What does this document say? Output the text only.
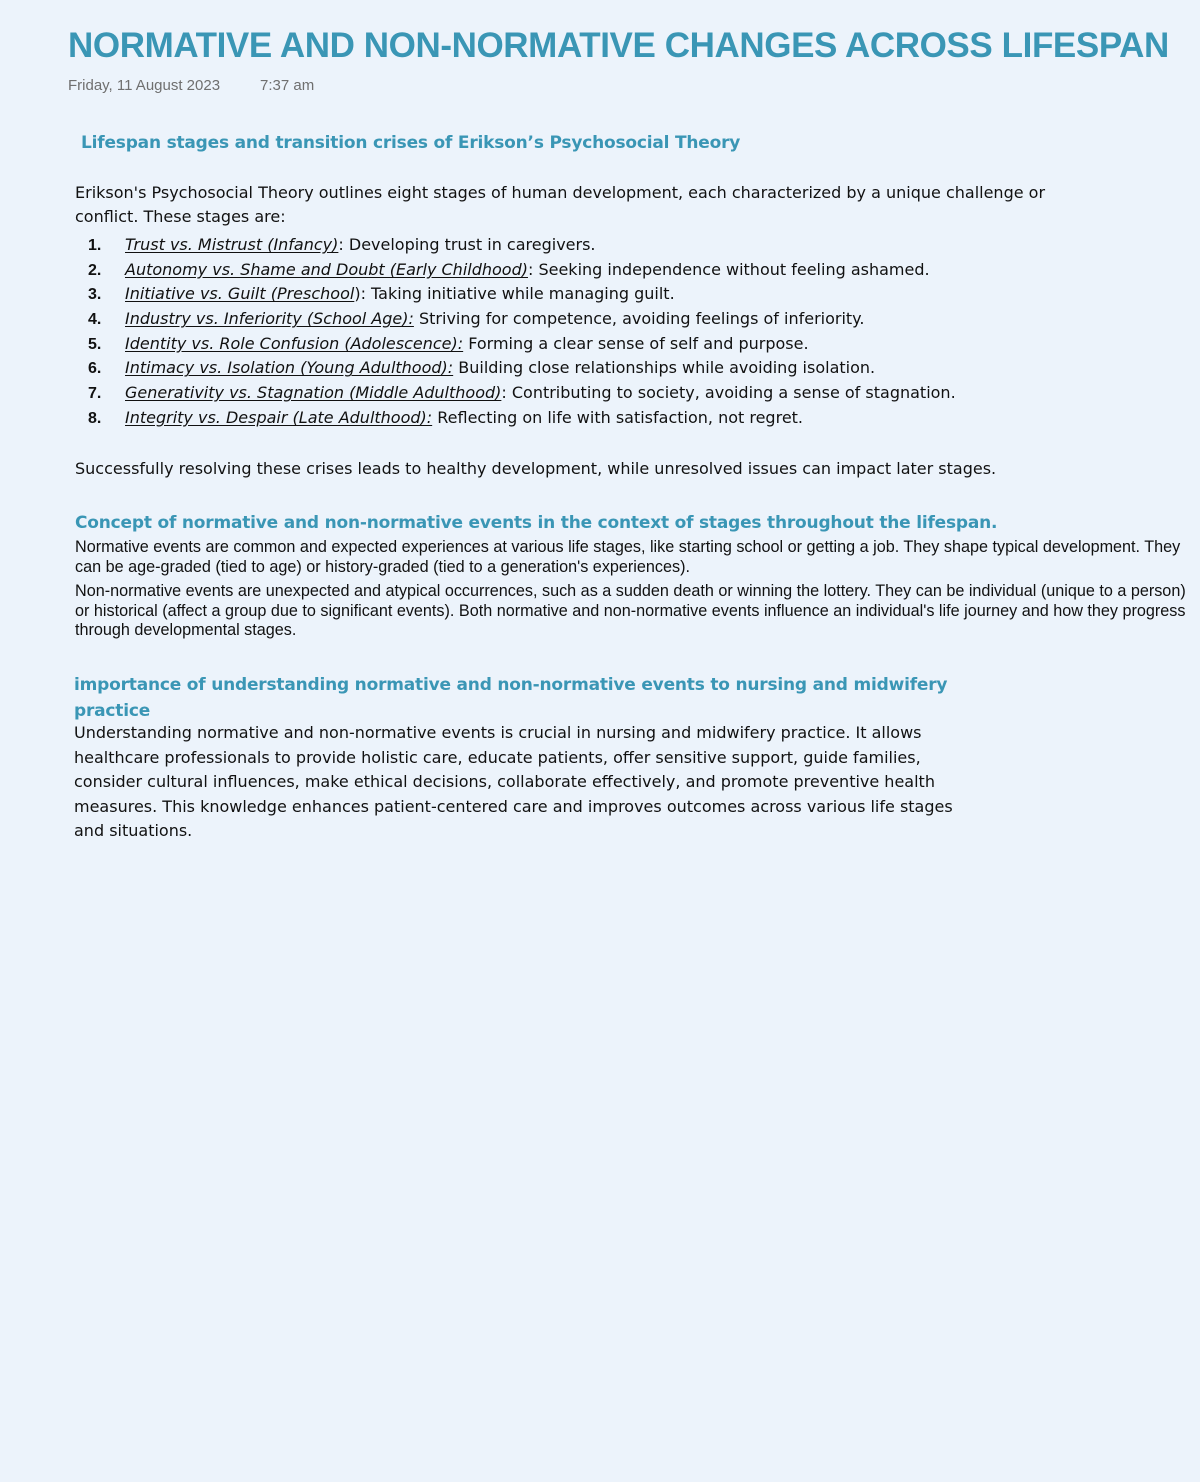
NORMATIVE AND NON-NORMATIVE CHANGES ACROSS LIFESPAN
Friday, 11 August 2023	7:37 am
Lifespan stages and transition crises of Erikson’s Psychosocial Theory

Erikson's Psychosocial Theory outlines eight stages of human development, each characterized by a unique challenge or conflict. These stages are:

1.	Trust vs. Mistrust (Infancy): Developing trust in caregivers.
2.	Autonomy vs. Shame and Doubt (Early Childhood): Seeking independence without feeling ashamed.
3.	Initiative vs. Guilt (Preschool): Taking initiative while managing guilt.
4.	Industry vs. Inferiority (School Age): Striving for competence, avoiding feelings of inferiority.
5.	Identity vs. Role Confusion (Adolescence): Forming a clear sense of self and purpose.
6.	Intimacy vs. Isolation (Young Adulthood): Building close relationships while avoiding isolation.
7.	Generativity vs. Stagnation (Middle Adulthood): Contributing to society, avoiding a sense of stagnation.
8.	Integrity vs. Despair (Late Adulthood): Reflecting on life with satisfaction, not regret.

Successfully resolving these crises leads to healthy development, while unresolved issues can impact later stages.

Concept of normative and non-normative events in the context of stages throughout the lifespan.

Normative events are common and expected experiences at various life stages, like starting school or getting a job. They shape typical development. They can be age-graded (tied to age) or history-graded (tied to a generation's experiences).

Non-normative events are unexpected and atypical occurrences, such as a sudden death or winning the lottery. They can be individual (unique to a person) or historical (affect a group due to significant events). Both normative and non-normative events influence an individual's life journey and how they progress through developmental stages.

importance of understanding normative and non-normative events to nursing and midwifery practice

Understanding normative and non-normative events is crucial in nursing and midwifery practice. It allows healthcare professionals to provide holistic care, educate patients, offer sensitive support, guide families, consider cultural influences, make ethical decisions, collaborate effectively, and promote preventive health measures. This knowledge enhances patient-centered care and improves outcomes across various life stages and situations.
